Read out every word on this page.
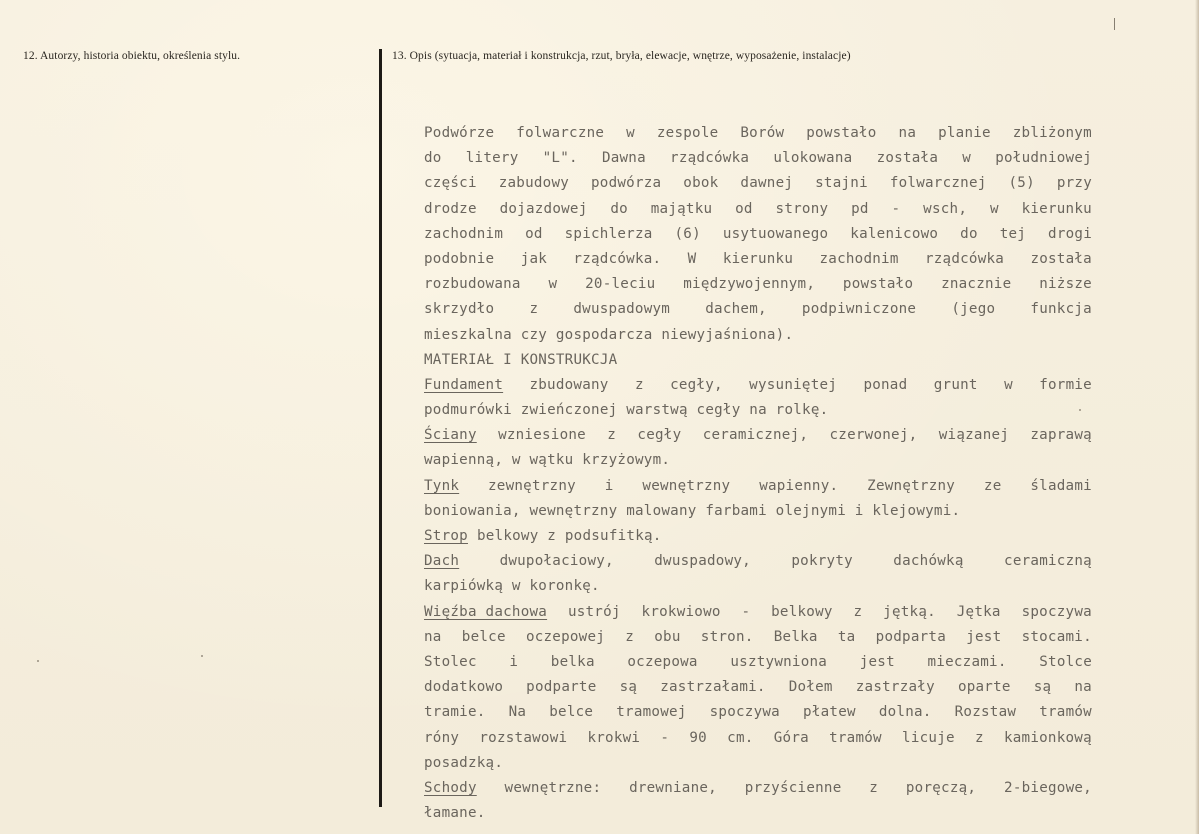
12. Autorzy, historia obiektu, określenia stylu.	13. Opis (sytuacja, materiał i konstrukcja, rzut, bryła, elewacje, wnętrze, wyposażenie, instalacje)
Podwórze folwarczne w zespole Borów powstało na planie zbliżonym
do litery "L". Dawna rządcówka ulokowana została w południowej
części zabudowy podwórza obok dawnej stajni folwarcznej (5) przy
drodze dojazdowej do majątku od strony pd - wsch, w kierunku
zachodnim od spichlerza (6) usytuowanego kalenicowo do tej drogi
podobnie jak rządcówka. W kierunku zachodnim rządcówka została
rozbudowana w 20-leciu międzywojennym, powstało znacznie niższe
skrzydło z dwuspadowym dachem, podpiwniczone (jego funkcja
mieszkalna czy gospodarcza niewyjaśniona).
MATERIAŁ I KONSTRUKCJA
Fundament zbudowany z cegły, wysuniętej ponad grunt w formie
podmurówki zwieńczonej warstwą cegły na rolkę.
Ściany wzniesione z cegły ceramicznej, czerwonej, wiązanej zaprawą
wapienną, w wątku krzyżowym.
Tynk zewnętrzny i wewnętrzny wapienny. Zewnętrzny ze śladami
boniowania, wewnętrzny malowany farbami olejnymi i klejowymi.
Strop belkowy z podsufitką.
Dach	dwupołaciowy,	dwuspadowy,	pokryty	dachówką	ceramiczną
karpiówką w koronkę.
Więźba dachowa ustrój krokwiowo - belkowy z jętką. Jętka spoczywa
na belce oczepowej z obu stron. Belka ta podparta jest stocami.
Stolec i belka oczepowa usztywniona jest mieczami. Stolce
dodatkowo podparte są zastrzałami. Dołem zastrzały oparte są na
tramie. Na belce tramowej spoczywa płatew dolna. Rozstaw tramów
róny rozstawowi krokwi - 90 cm. Góra tramów licuje z kamionkową
posadzką.
Schody wewnętrzne: drewniane, przyścienne z poręczą, 2-biegowe,
łamane.
